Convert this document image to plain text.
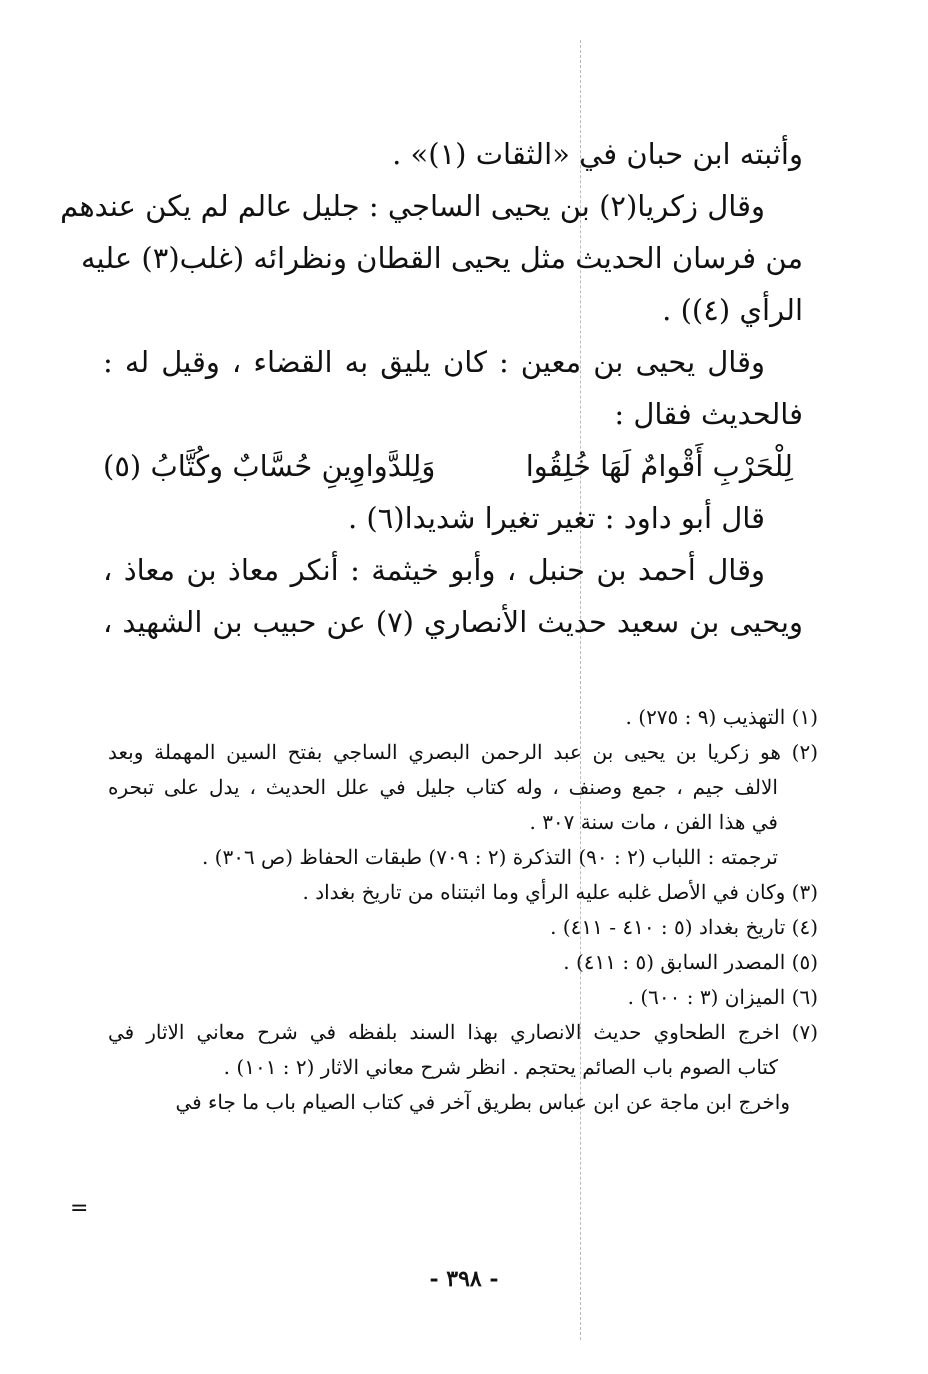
وأثبته ابن حبان في «الثقات (١)» .
وقال زكريا(٢) بن يحيى الساجي : جليل عالم لم يكن عندهم
من فرسان الحديث مثل يحيى القطان ونظرائه (غلب(٣) عليه
الرأي (٤)) .
وقال يحيى بن معين : كان يليق به القضاء ، وقيل له :
فالحديث فقال :
لِلْحَرْبِ أَقْوامٌ لَهَا خُلِقُوا
وَلِلدَّواوِينِ حُسَّابٌ وكُتَّابُ (٥)
قال أبو داود : تغير تغيرا شديدا(٦) .
وقال أحمد بن حنبل ، وأبو خيثمة : أنكر معاذ بن معاذ ،
ويحيى بن سعيد حديث الأنصاري (٧) عن حبيب بن الشهيد ،
(١) التهذيب (٩ : ٢٧٥) .
(٢) هو زكريا بن يحيى بن عبد الرحمن البصري الساجي بفتح السين المهملة وبعد
الالف جيم ، جمع وصنف ، وله كتاب جليل في علل الحديث ، يدل على تبحره
في هذا الفن ، مات سنة ٣٠٧ .
ترجمته : اللباب (٢ : ٩٠) التذكرة (٢ : ٧٠٩) طبقات الحفاظ (ص ٣٠٦) .
(٣) وكان في الأصل غلبه عليه الرأي وما اثبتناه من تاريخ بغداد .
(٤) تاريخ بغداد (٥ : ٤١٠ - ٤١١) .
(٥) المصدر السابق (٥ : ٤١١) .
(٦) الميزان (٣ : ٦٠٠) .
(٧) اخرج الطحاوي حديث الانصاري بهذا السند بلفظه في شرح معاني الاثار في
كتاب الصوم باب الصائم يحتجم . انظر شرح معاني الاثار (٢ : ١٠١) .
واخرج ابن ماجة عن ابن عباس بطريق آخر في كتاب الصيام باب ما جاء في
=
- ٣٩٨ -
